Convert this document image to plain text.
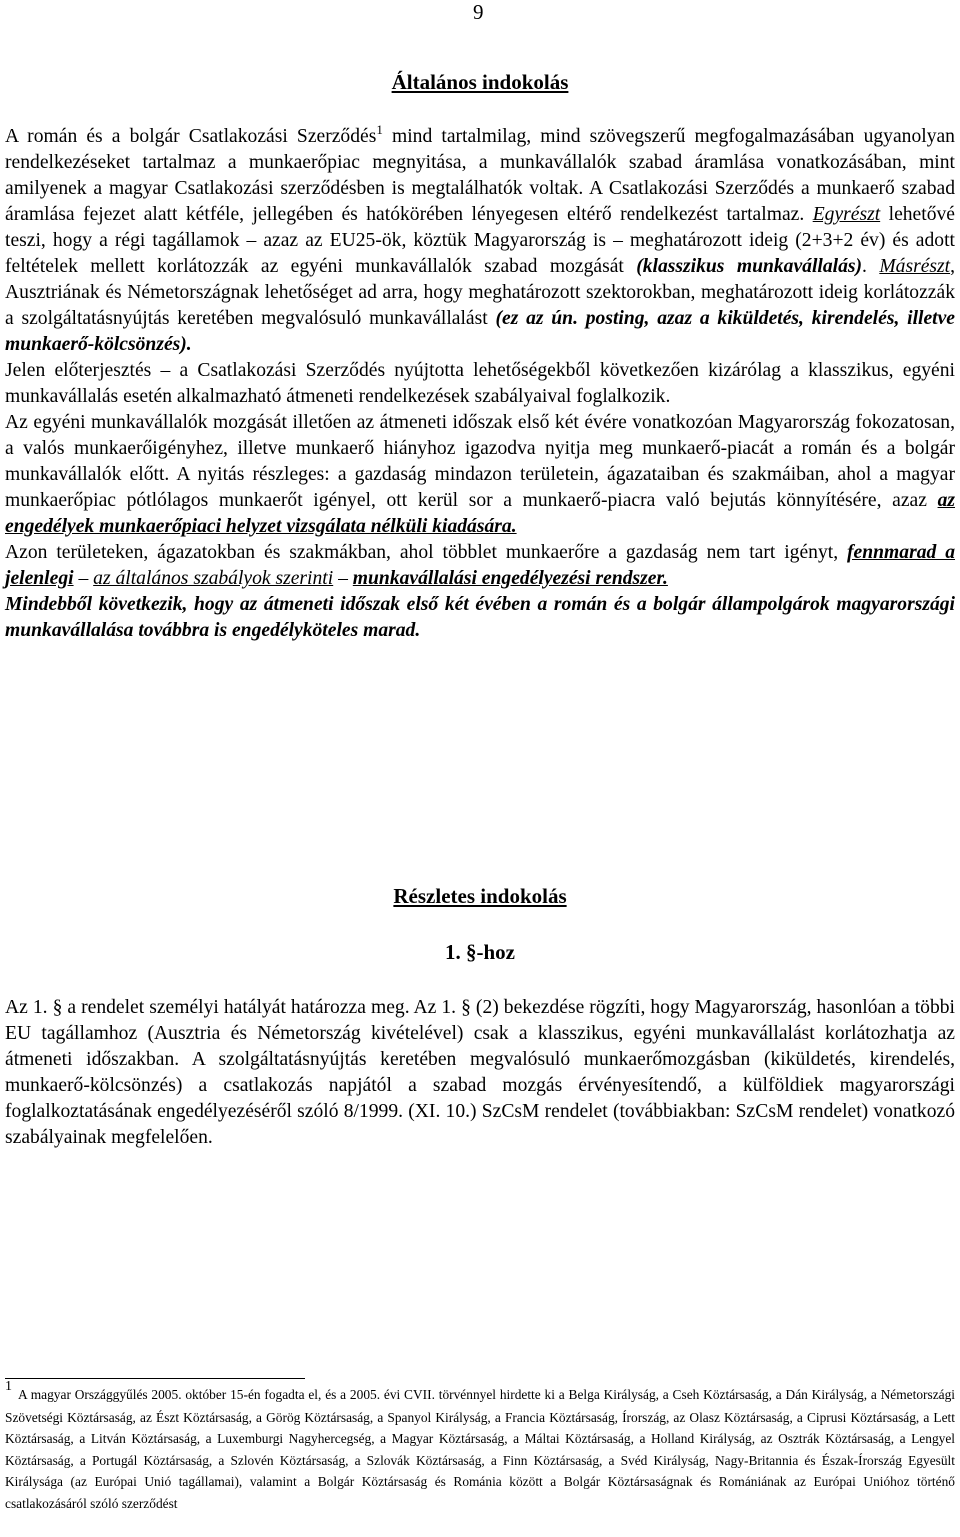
9
Általános indokolás

A román és a bolgár Csatlakozási Szerződés$^1$ mind tartalmilag, mind szövegszerű megfogalmazásában ugyanolyan rendelkezéseket tartalmaz a munkaerőpiac megnyitása, a munkavállalók szabad áramlása vonatkozásában, mint amilyenek a magyar Csatlakozási szerződésben is megtalálhatók voltak. A Csatlakozási Szerződés a munkaerő szabad áramlása fejezet alatt kétféle, jellegében és hatókörében lényegesen eltérő rendelkezést tartalmaz. Egyrészt lehetővé teszi, hogy a régi tagállamok – azaz az EU25-ök, köztük Magyarország is – meghatározott ideig (2+3+2 év) és adott feltételek mellett korlátozzák az egyéni munkavállalók szabad mozgását (klasszikus munkavállalás). Másrészt, Ausztriának és Németországnak lehetőséget ad arra, hogy meghatározott szektorokban, meghatározott ideig korlátozzák a szolgáltatásnyújtás keretében megvalósuló munkavállalást (ez az ún. posting, azaz a kiküldetés, kirendelés, illetve munkaerő-kölcsönzés).

Jelen előterjesztés – a Csatlakozási Szerződés nyújtotta lehetőségekből következően kizárólag a klasszikus, egyéni munkavállalás esetén alkalmazható átmeneti rendelkezések szabályaival foglalkozik.

Az egyéni munkavállalók mozgását illetően az átmeneti időszak első két évére vonatkozóan Magyarország fokozatosan, a valós munkaerőigényhez, illetve munkaerő hiányhoz igazodva nyitja meg munkaerő-piacát a román és a bolgár munkavállalók előtt. A nyitás részleges: a gazdaság mindazon területein, ágazataiban és szakmáiban, ahol a magyar munkaerőpiac pótlólagos munkaerőt igényel, ott kerül sor a munkaerő-piacra való bejutás könnyítésére, azaz az engedélyek munkaerőpiaci helyzet vizsgálata nélküli kiadására.

Azon területeken, ágazatokban és szakmákban, ahol többlet munkaerőre a gazdaság nem tart igényt, fennmarad a jelenlegi – az általános szabályok szerinti – munkavállalási engedélyezési rendszer.

Mindebből következik, hogy az átmeneti időszak első két évében a román és a bolgár állampolgárok magyarországi munkavállalása továbbra is engedélyköteles marad.

Részletes indokolás
1. §-hoz

Az 1. § a rendelet személyi hatályát határozza meg. Az 1. § (2) bekezdése rögzíti, hogy Magyarország, hasonlóan a többi EU tagállamhoz (Ausztria és Németország kivételével) csak a klasszikus, egyéni munkavállalást korlátozhatja az átmeneti időszakban. A szolgáltatásnyújtás keretében megvalósuló munkaerőmozgásban (kiküldetés, kirendelés, munkaerő-kölcsönzés) a csatlakozás napjától a szabad mozgás érvényesítendő, a külföldiek magyarországi foglalkoztatásának engedélyezéséről szóló 8/1999. (XI. 10.) SzCsM rendelet (továbbiakban: SzCsM rendelet) vonatkozó szabályainak megfelelően.

1A magyar Országgyűlés 2005. október 15-én fogadta el, és a 2005. évi CVII. törvénnyel hirdette ki a Belga Királyság, a Cseh Köztársaság, a Dán Királyság, a Németországi Szövetségi Köztársaság, az Észt Köztársaság, a Görög Köztársaság, a Spanyol Királyság, a Francia Köztársaság, Írország, az Olasz Köztársaság, a Ciprusi Köztársaság, a Lett Köztársaság, a Litván Köztársaság, a Luxemburgi Nagyhercegség, a Magyar Köztársaság, a Máltai Köztársaság, a Holland Királyság, az Osztrák Köztársaság, a Lengyel Köztársaság, a Portugál Köztársaság, a Szlovén Köztársaság, a Szlovák Köztársaság, a Finn Köztársaság, a Svéd Királyság, Nagy-Britannia és Észak-Írország Egyesült Királysága (az Európai Unió tagállamai), valamint a Bolgár Köztársaság és Románia között a Bolgár Köztársaságnak és Romániának az Európai Unióhoz történő csatlakozásáról szóló szerződést
